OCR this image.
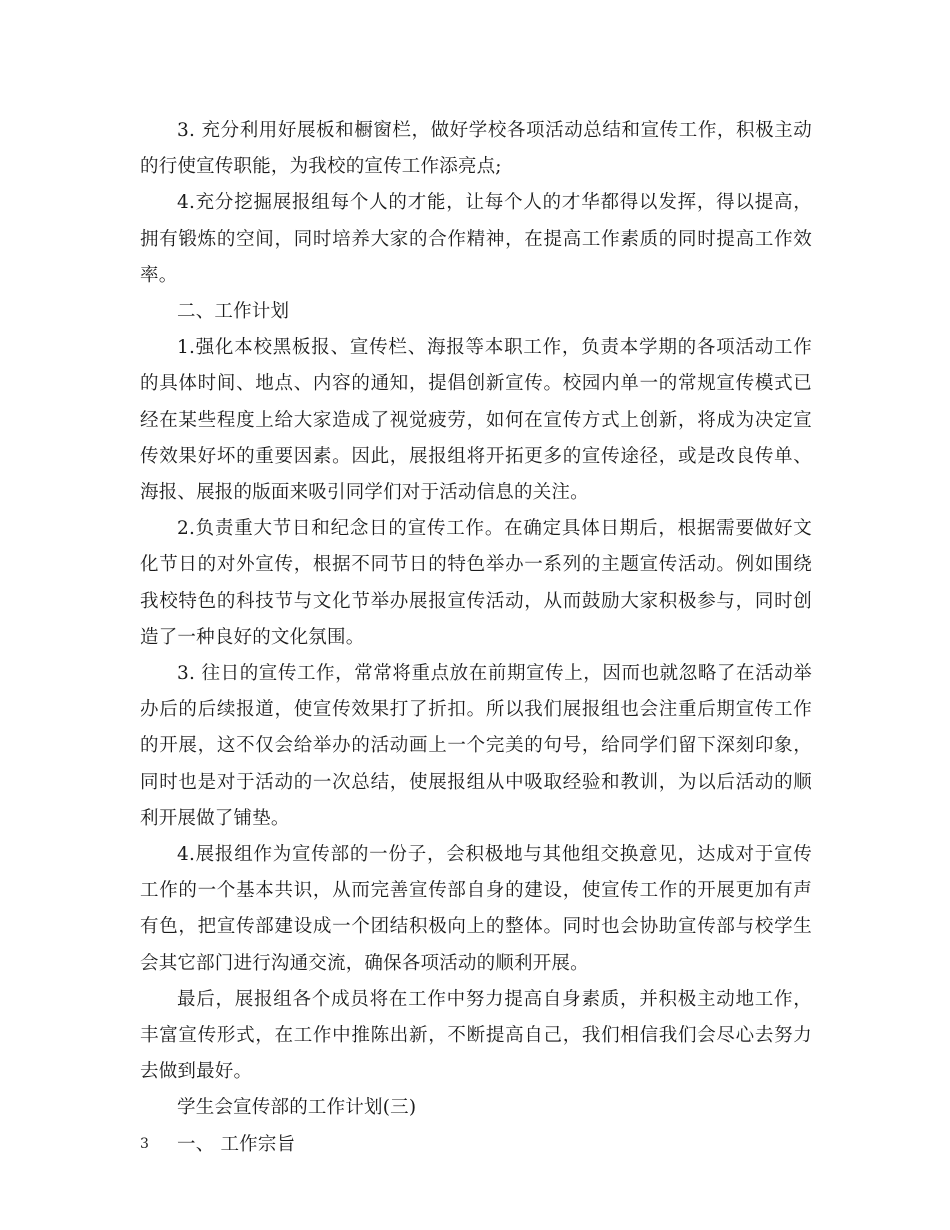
3. 充分利用好展板和橱窗栏，做好学校各项活动总结和宣传工作，积极主动的行使宣传职能，为我校的宣传工作添亮点;

4.充分挖掘展报组每个人的才能，让每个人的才华都得以发挥，得以提高，拥有锻炼的空间，同时培养大家的合作精神，在提高工作素质的同时提高工作效率。

二、工作计划

1.强化本校黑板报、宣传栏、海报等本职工作，负责本学期的各项活动工作的具体时间、地点、内容的通知，提倡创新宣传。校园内单一的常规宣传模式已经在某些程度上给大家造成了视觉疲劳，如何在宣传方式上创新，将成为决定宣传效果好坏的重要因素。因此，展报组将开拓更多的宣传途径，或是改良传单、海报、展报的版面来吸引同学们对于活动信息的关注。

2.负责重大节日和纪念日的宣传工作。在确定具体日期后，根据需要做好文化节日的对外宣传，根据不同节日的特色举办一系列的主题宣传活动。例如围绕我校特色的科技节与文化节举办展报宣传活动，从而鼓励大家积极参与，同时创造了一种良好的文化氛围。

3. 往日的宣传工作，常常将重点放在前期宣传上，因而也就忽略了在活动举办后的后续报道，使宣传效果打了折扣。所以我们展报组也会注重后期宣传工作的开展，这不仅会给举办的活动画上一个完美的句号，给同学们留下深刻印象，同时也是对于活动的一次总结，使展报组从中吸取经验和教训，为以后活动的顺利开展做了铺垫。

4.展报组作为宣传部的一份子，会积极地与其他组交换意见，达成对于宣传工作的一个基本共识，从而完善宣传部自身的建设，使宣传工作的开展更加有声有色，把宣传部建设成一个团结积极向上的整体。同时也会协助宣传部与校学生会其它部门进行沟通交流，确保各项活动的顺利开展。

最后，展报组各个成员将在工作中努力提高自身素质，并积极主动地工作，丰富宣传形式，在工作中推陈出新，不断提高自己，我们相信我们会尽心去努力去做到最好。

学生会宣传部的工作计划(三)

一、 工作宗旨

3
